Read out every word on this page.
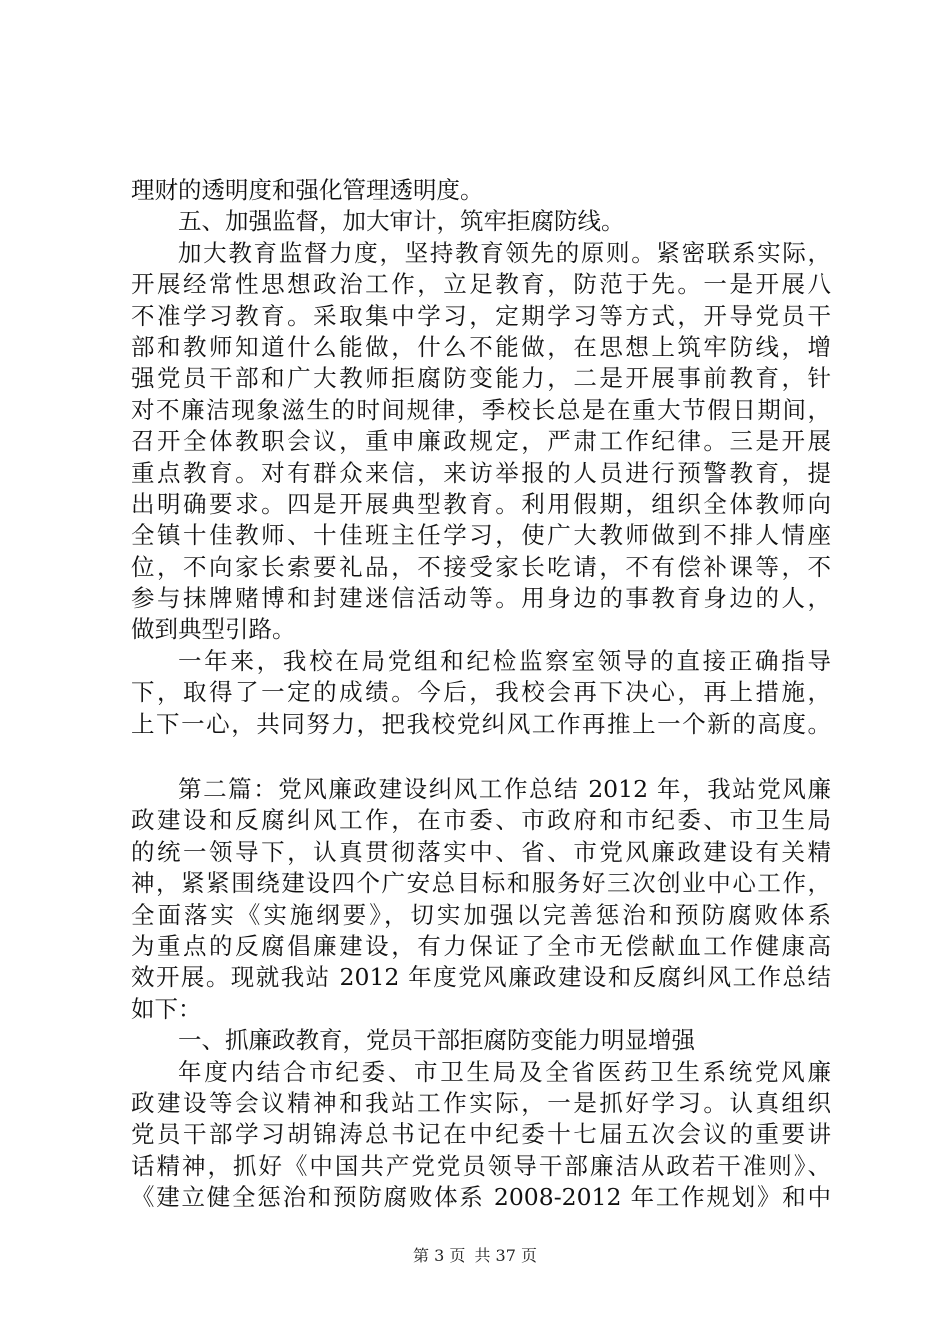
理财的透明度和强化管理透明度。
五、加强监督，加大审计，筑牢拒腐防线。
加大教育监督力度，坚持教育领先的原则。紧密联系实际，
开展经常性思想政治工作，立足教育，防范于先。一是开展八
不准学习教育。采取集中学习，定期学习等方式，开导党员干
部和教师知道什么能做，什么不能做，在思想上筑牢防线，增
强党员干部和广大教师拒腐防变能力，二是开展事前教育，针
对不廉洁现象滋生的时间规律，季校长总是在重大节假日期间，
召开全体教职会议，重申廉政规定，严肃工作纪律。三是开展
重点教育。对有群众来信，来访举报的人员进行预警教育，提
出明确要求。四是开展典型教育。利用假期，组织全体教师向
全镇十佳教师、十佳班主任学习，使广大教师做到不排人情座
位，不向家长索要礼品，不接受家长吃请，不有偿补课等，不
参与抹牌赌博和封建迷信活动等。用身边的事教育身边的人，
做到典型引路。
一年来，我校在局党组和纪检监察室领导的直接正确指导
下，取得了一定的成绩。今后，我校会再下决心，再上措施，
上下一心，共同努力，把我校党纠风工作再推上一个新的高度。
第二篇：党风廉政建设纠风工作总结 2012 年，我站党风廉
政建设和反腐纠风工作，在市委、市政府和市纪委、市卫生局
的统一领导下，认真贯彻落实中、省、市党风廉政建设有关精
神，紧紧围绕建设四个广安总目标和服务好三次创业中心工作，
全面落实《实施纲要》，切实加强以完善惩治和预防腐败体系
为重点的反腐倡廉建设，有力保证了全市无偿献血工作健康高
效开展。现就我站 2012 年度党风廉政建设和反腐纠风工作总结
如下：
一、抓廉政教育，党员干部拒腐防变能力明显增强
年度内结合市纪委、市卫生局及全省医药卫生系统党风廉
政建设等会议精神和我站工作实际，一是抓好学习。认真组织
党员干部学习胡锦涛总书记在中纪委十七届五次会议的重要讲
话精神，抓好《中国共产党党员领导干部廉洁从政若干准则》、
《建立健全惩治和预防腐败体系 2008-2012 年工作规划》和中
第 3 页 共 37 页
